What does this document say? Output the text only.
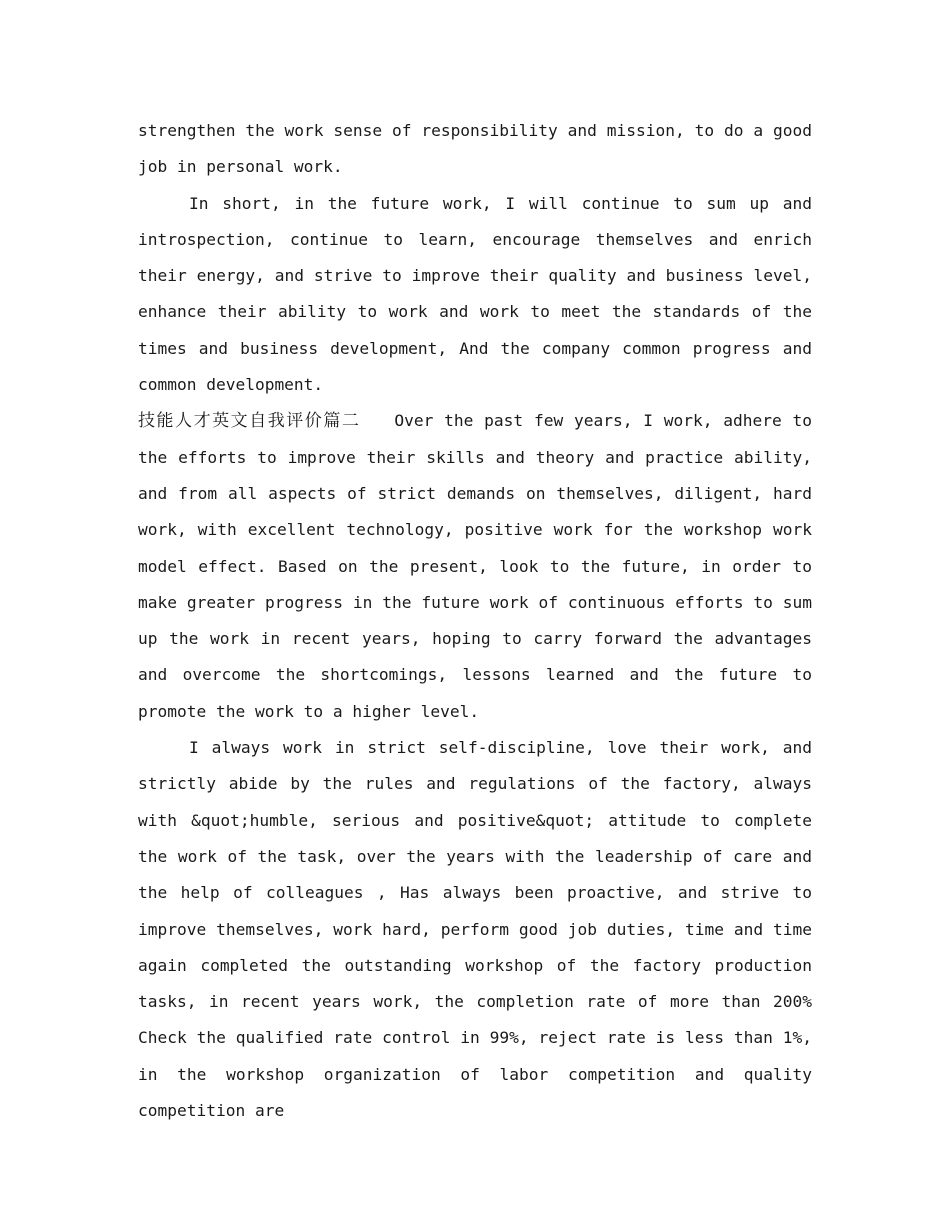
strengthen the work sense of responsibility and mission, to do a good job in personal work.

In short, in the future work, I will continue to sum up and introspection, continue to learn, encourage themselves and enrich their energy, and strive to improve their quality and business level, enhance their ability to work and work to meet the standards of the times and business development, And the company common progress and common development.

技能人才英文自我评价篇二 Over the past few years, I work, adhere to the efforts to improve their skills and theory and practice ability, and from all aspects of strict demands on themselves, diligent, hard work, with excellent technology, positive work for the workshop work model effect. Based on the present, look to the future, in order to make greater progress in the future work of continuous efforts to sum up the work in recent years, hoping to carry forward the advantages and overcome the shortcomings, lessons learned and the future to promote the work to a higher level.

I always work in strict self-discipline, love their work, and strictly abide by the rules and regulations of the factory, always with &quot;humble, serious and positive&quot; attitude to complete the work of the task, over the years with the leadership of care and the help of colleagues , Has always been proactive, and strive to improve themselves, work hard, perform good job duties, time and time again completed the outstanding workshop of the factory production tasks, in recent years work, the completion rate of more than 200% Check the qualified rate control in 99%, reject rate is less than 1%, in the workshop organization of labor competition and quality competition are
